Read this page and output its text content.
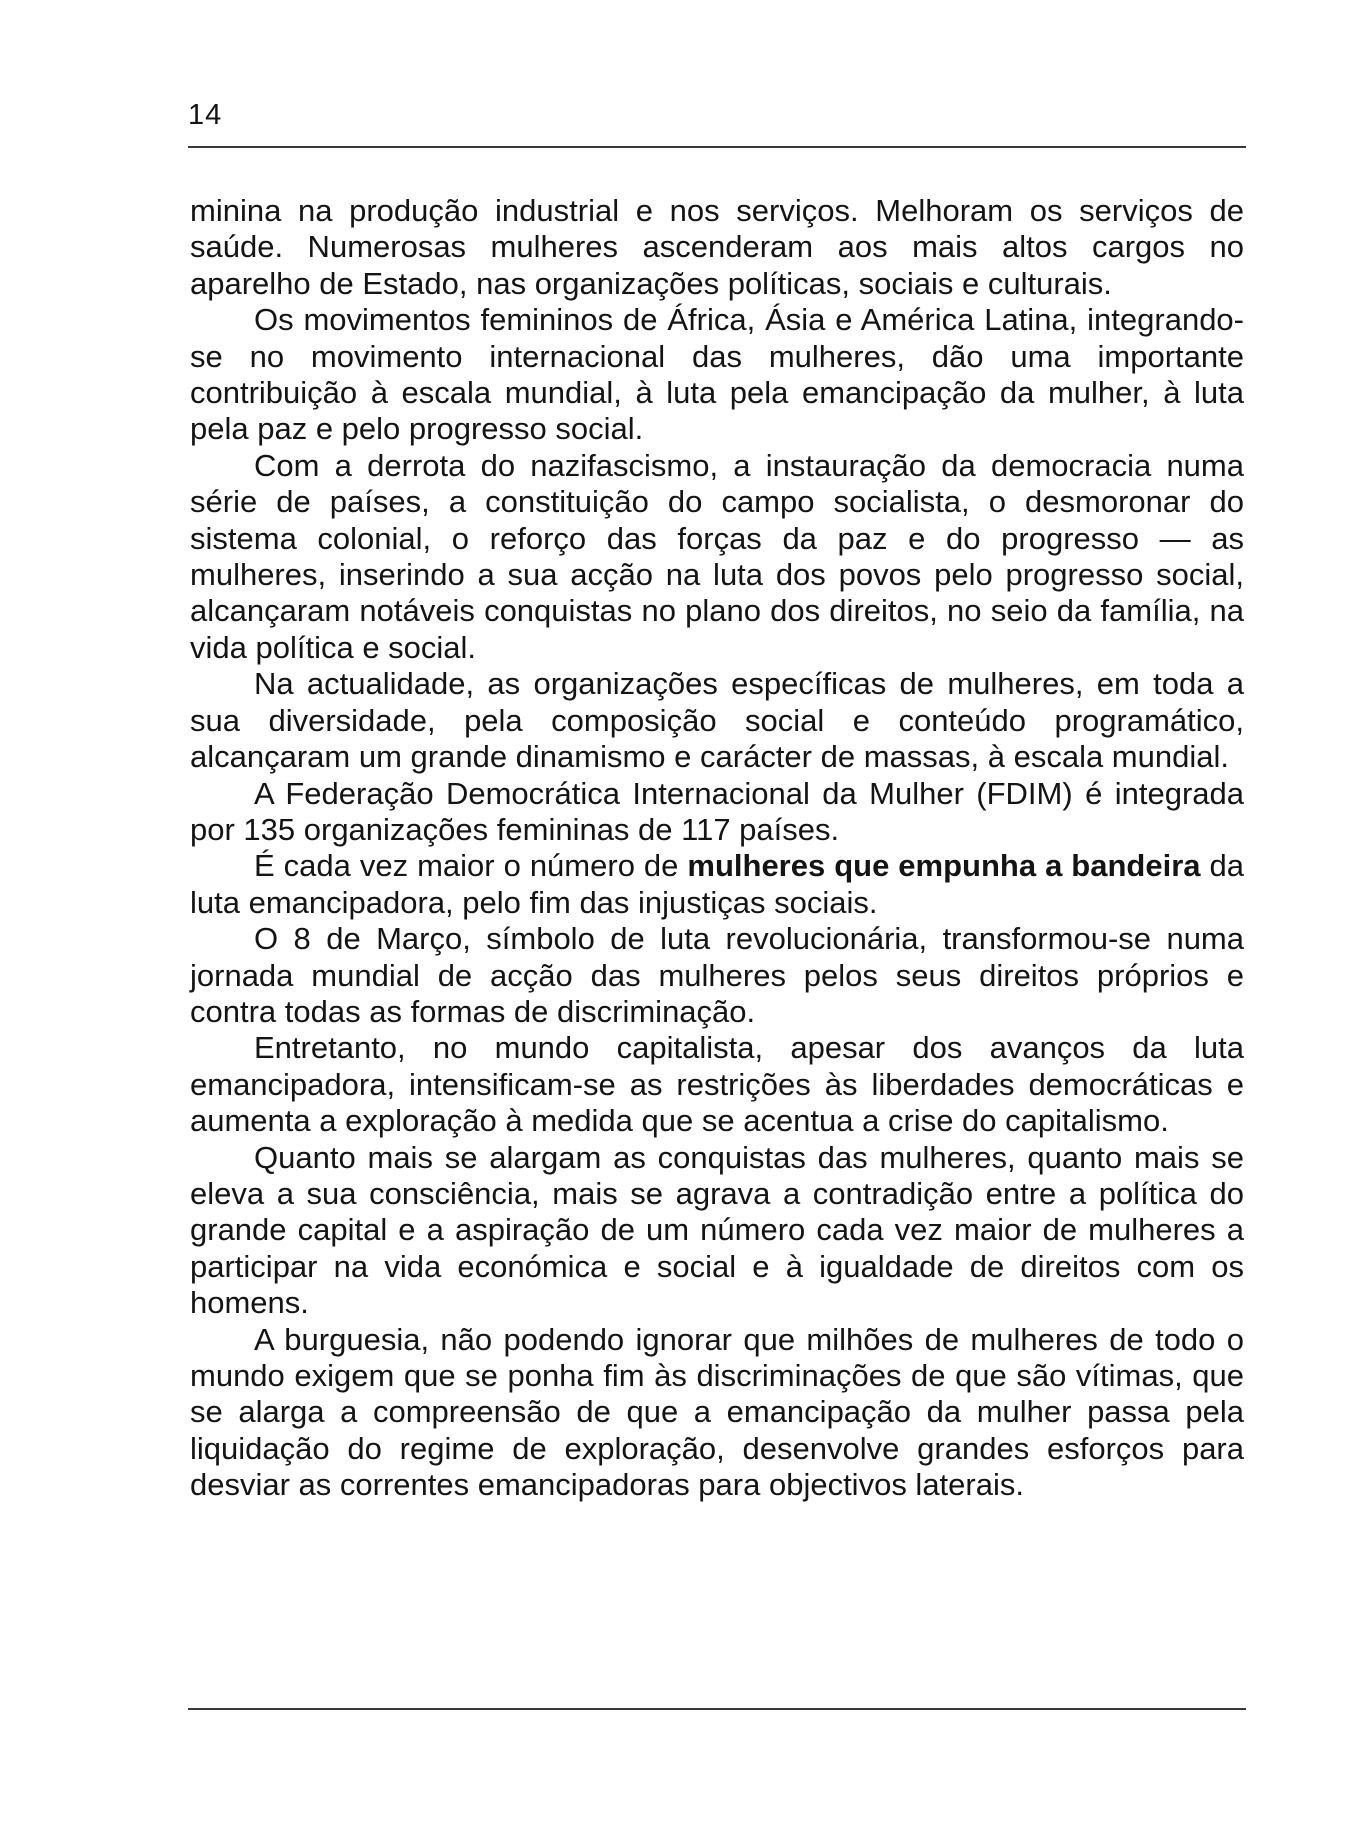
14

minina na produção industrial e nos serviços. Melhoram os serviços de saúde. Numerosas mulheres ascenderam aos mais altos cargos no aparelho de Estado, nas organizações políticas, sociais e culturais.

Os movimentos femininos de África, Ásia e América Latina, integrando-se no movimento internacional das mulheres, dão uma importante contribuição à escala mundial, à luta pela emancipação da mulher, à luta pela paz e pelo progresso social.

Com a derrota do nazifascismo, a instauração da democracia numa série de países, a constituição do campo socialista, o desmoronar do sistema colonial, o reforço das forças da paz e do progresso — as mulheres, inserindo a sua acção na luta dos povos pelo progresso social, alcançaram notáveis conquistas no plano dos direitos, no seio da família, na vida política e social.

Na actualidade, as organizações específicas de mulheres, em toda a sua diversidade, pela composição social e conteúdo programático, alcançaram um grande dinamismo e carácter de massas, à escala mundial.

A Federação Democrática Internacional da Mulher (FDIM) é integrada por 135 organizações femininas de 117 países.

É cada vez maior o número de mulheres que empunha a bandeira da luta emancipadora, pelo fim das injustiças sociais.

O 8 de Março, símbolo de luta revolucionária, transformou-se numa jornada mundial de acção das mulheres pelos seus direitos próprios e contra todas as formas de discriminação.

Entretanto, no mundo capitalista, apesar dos avanços da luta emancipadora, intensificam-se as restrições às liberdades democráticas e aumenta a exploração à medida que se acentua a crise do capitalismo.

Quanto mais se alargam as conquistas das mulheres, quanto mais se eleva a sua consciência, mais se agrava a contradição entre a política do grande capital e a aspiração de um número cada vez maior de mulheres a participar na vida económica e social e à igualdade de direitos com os homens.

A burguesia, não podendo ignorar que milhões de mulheres de todo o mundo exigem que se ponha fim às discriminações de que são vítimas, que se alarga a compreensão de que a emancipação da mulher passa pela liquidação do regime de exploração, desenvolve grandes esforços para desviar as correntes emancipadoras para objectivos laterais.
